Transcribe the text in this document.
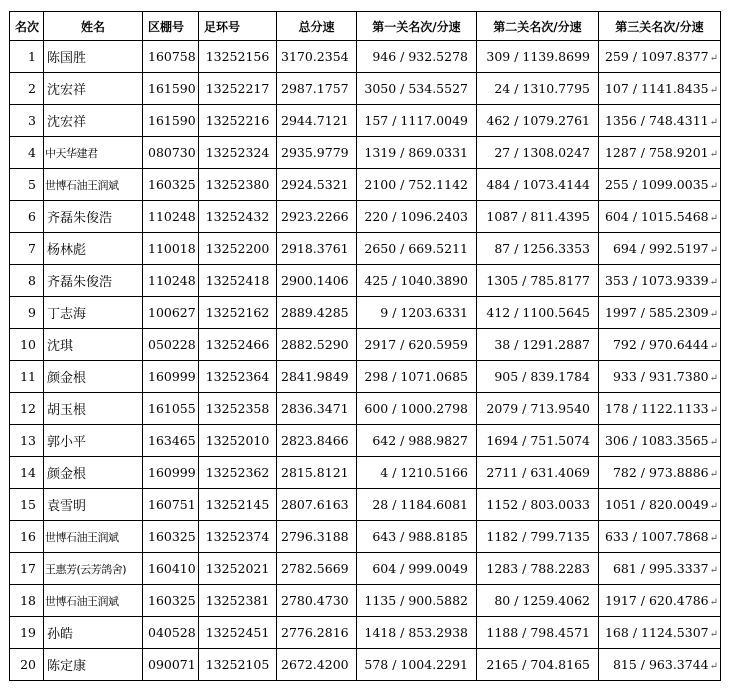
名次	姓名	区棚号	足环号	总分速	第一关名次/分速	第二关名次/分速	第三关名次/分速
1	陈国胜	160758	13252156	3170.2354	946 / 932.5278	309 / 1139.8699	259 / 1097.8377↵
2	沈宏祥	161590	13252217	2987.1757	3050 / 534.5527	24 / 1310.7795	107 / 1141.8435↵
3	沈宏祥	161590	13252216	2944.7121	157 / 1117.0049	462 / 1079.2761	1356 / 748.4311↵
4	中天华建君	080730	13252324	2935.9779	1319 / 869.0331	27 / 1308.0247	1287 / 758.9201↵
5	世博石油王润斌	160325	13252380	2924.5321	2100 / 752.1142	484 / 1073.4144	255 / 1099.0035↵
6	齐磊朱俊浩	110248	13252432	2923.2266	220 / 1096.2403	1087 / 811.4395	604 / 1015.5468↵
7	杨林彪	110018	13252200	2918.3761	2650 / 669.5211	87 / 1256.3353	694 / 992.5197↵
8	齐磊朱俊浩	110248	13252418	2900.1406	425 / 1040.3890	1305 / 785.8177	353 / 1073.9339↵
9	丁志海	100627	13252162	2889.4285	9 / 1203.6331	412 / 1100.5645	1997 / 585.2309↵
10	沈琪	050228	13252466	2882.5290	2917 / 620.5959	38 / 1291.2887	792 / 970.6444↵
11	颜金根	160999	13252364	2841.9849	298 / 1071.0685	905 / 839.1784	933 / 931.7380↵
12	胡玉根	161055	13252358	2836.3471	600 / 1000.2798	2079 / 713.9540	178 / 1122.1133↵
13	郭小平	163465	13252010	2823.8466	642 / 988.9827	1694 / 751.5074	306 / 1083.3565↵
14	颜金根	160999	13252362	2815.8121	4 / 1210.5166	2711 / 631.4069	782 / 973.8886↵
15	袁雪明	160751	13252145	2807.6163	28 / 1184.6081	1152 / 803.0033	1051 / 820.0049↵
16	世博石油王润斌	160325	13252374	2796.3188	643 / 988.8185	1182 / 799.7135	633 / 1007.7868↵
17	王惠芳(云芳鸽舍)	160410	13252021	2782.5669	604 / 999.0049	1283 / 788.2283	681 / 995.3337↵
18	世博石油王润斌	160325	13252381	2780.4730	1135 / 900.5882	80 / 1259.4062	1917 / 620.4786↵
19	孙皓	040528	13252451	2776.2816	1418 / 853.2938	1188 / 798.4571	168 / 1124.5307↵
20	陈定康	090071	13252105	2672.4200	578 / 1004.2291	2165 / 704.8165	815 / 963.3744↵
